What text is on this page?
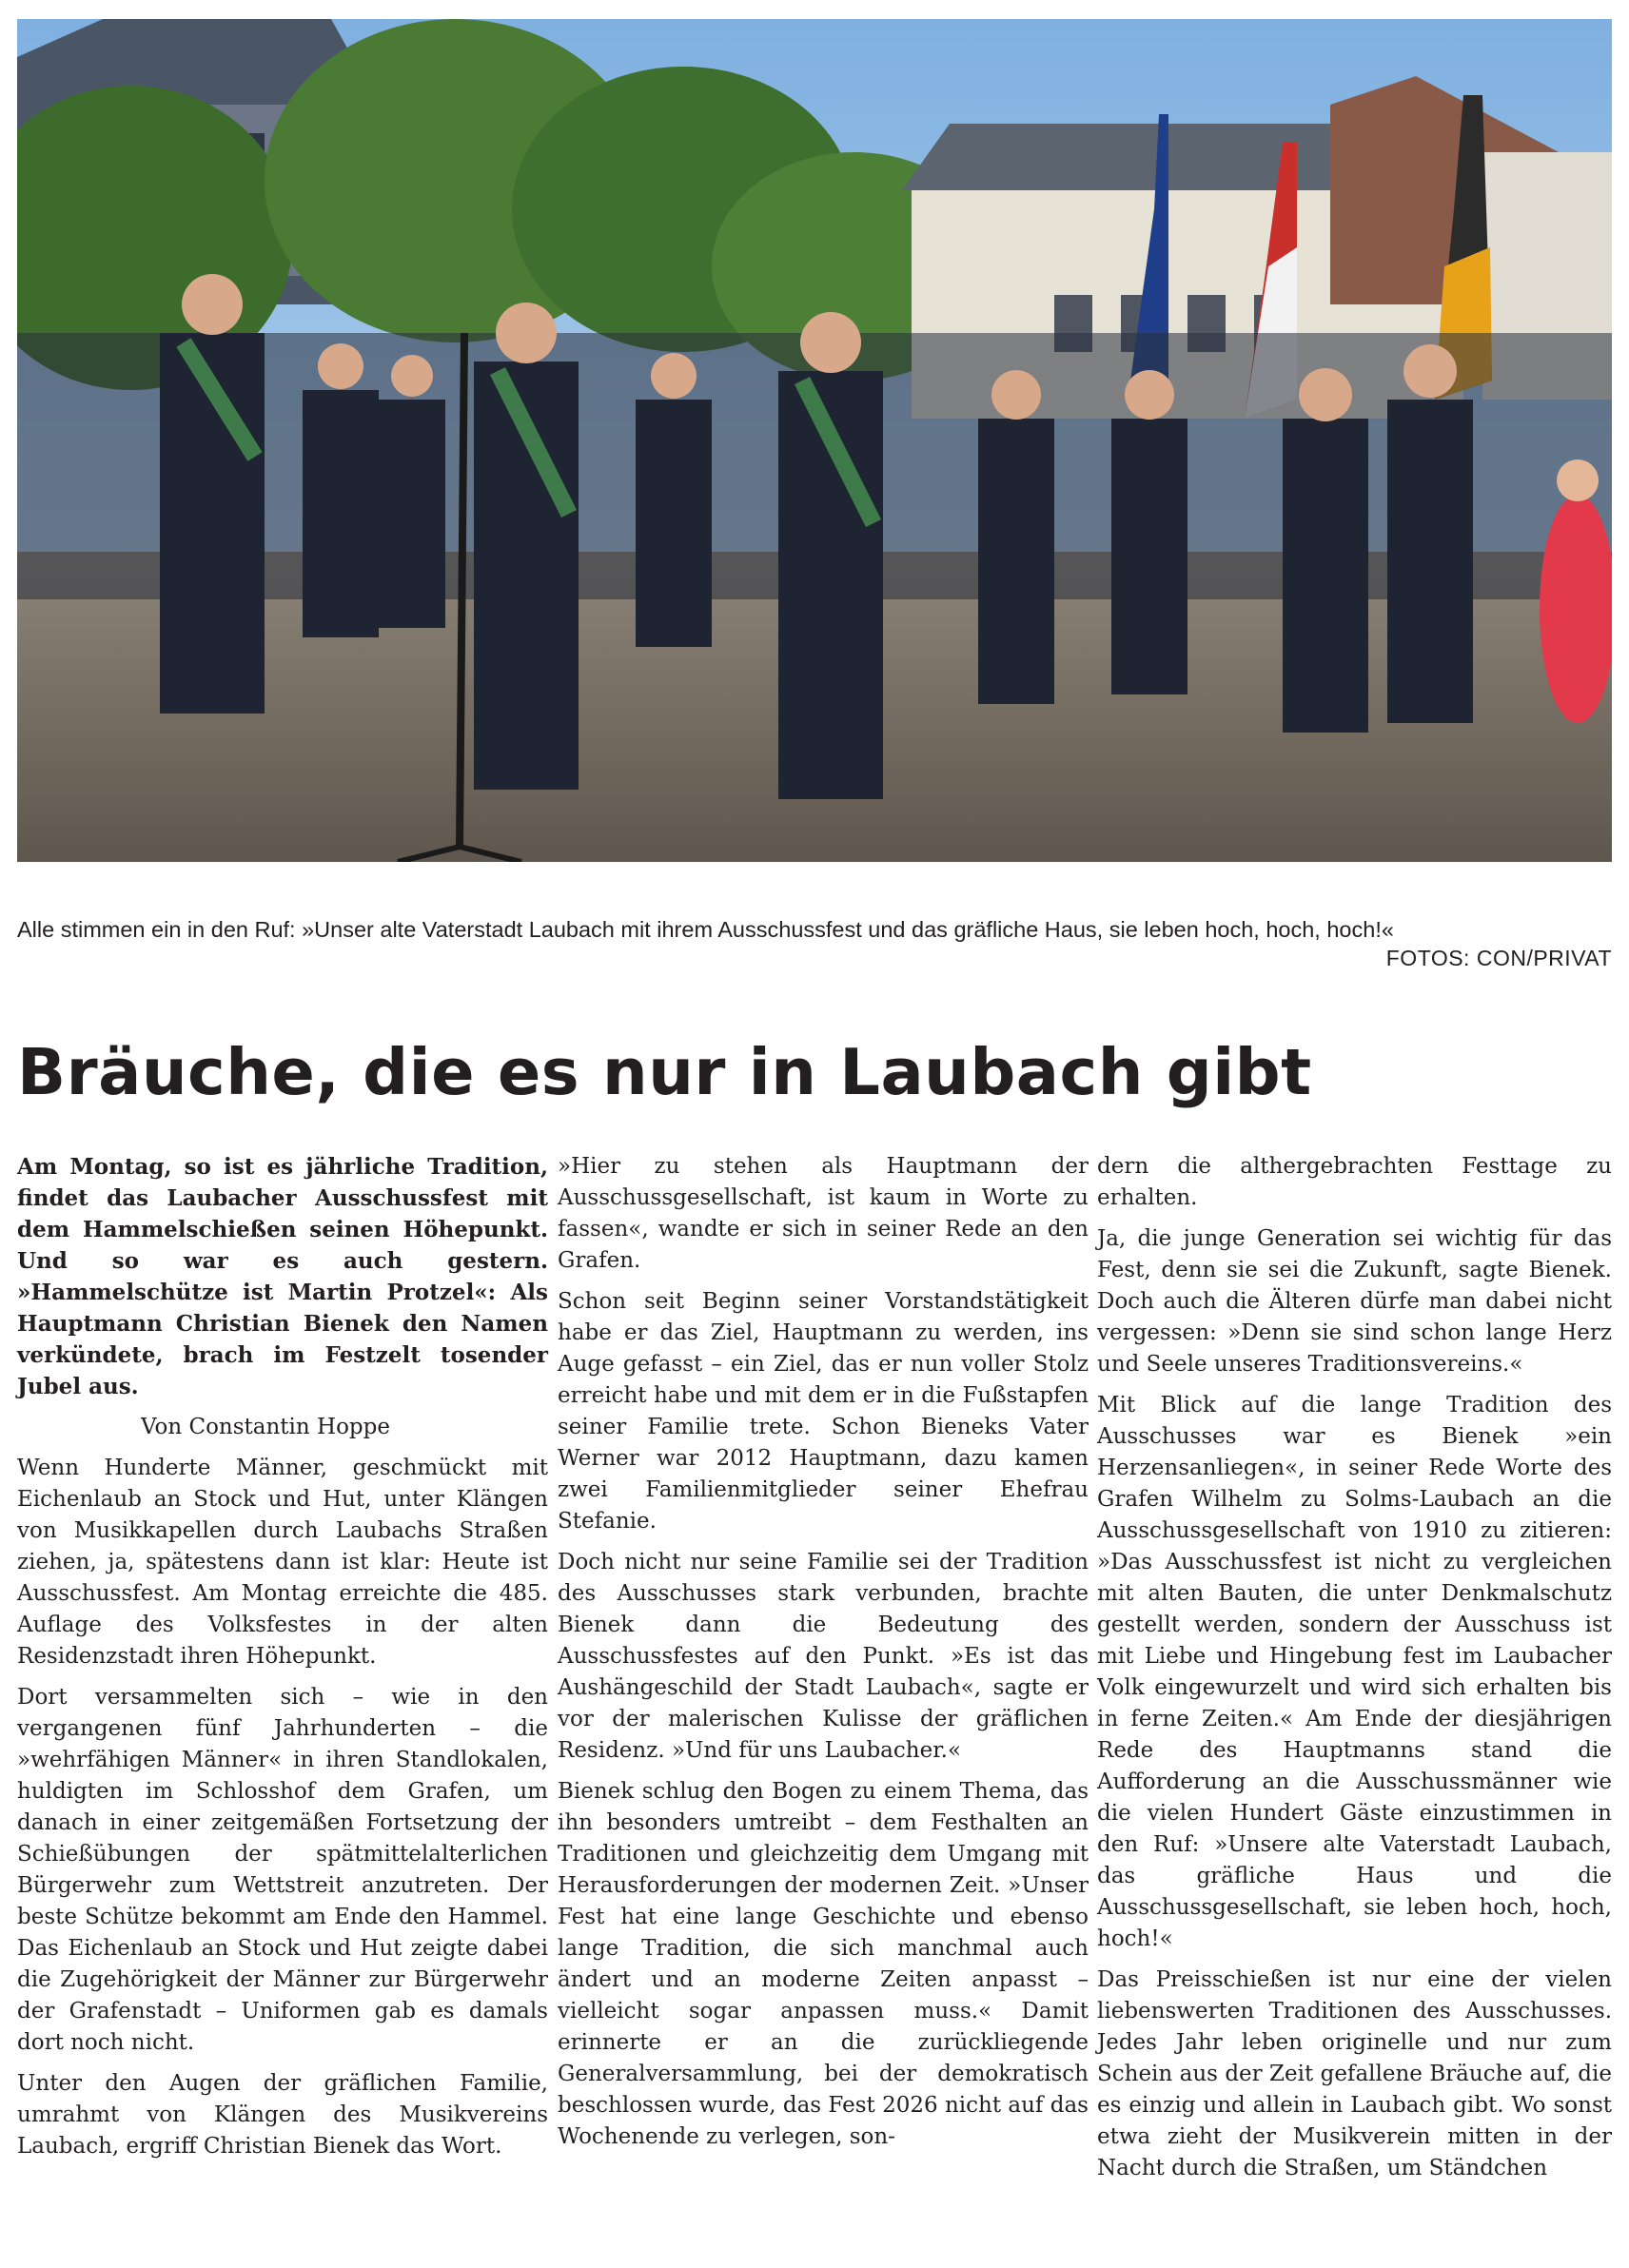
Alle stimmen ein in den Ruf: »Unser alte Vaterstadt Laubach mit ihrem Ausschussfest und das gräfliche Haus, sie leben hoch, hoch, hoch!«
FOTOS: CON/PRIVAT
Bräuche, die es nur in Laubach gibt

Am Montag, so ist es jährliche Tradition, findet das Laubacher Ausschussfest mit dem Hammelschießen seinen Höhepunkt. Und so war es auch gestern. »Hammelschütze ist Martin Protzel«: Als Hauptmann Christian Bienek den Namen verkündete, brach im Festzelt tosender Jubel aus.

Von Constantin Hoppe

Wenn Hunderte Männer, geschmückt mit Eichenlaub an Stock und Hut, unter Klängen von Musikkapellen durch Laubachs Straßen ziehen, ja, spätestens dann ist klar: Heute ist Ausschussfest. Am Montag erreichte die 485. Auflage des Volksfestes in der alten Residenzstadt ihren Höhepunkt.

Dort versammelten sich – wie in den vergangenen fünf Jahrhunderten – die »wehrfähigen Männer« in ihren Standlokalen, huldigten im Schlosshof dem Grafen, um danach in einer zeitgemäßen Fortsetzung der Schießübungen der spätmittelalterlichen Bürgerwehr zum Wettstreit anzutreten. Der beste Schütze bekommt am Ende den Hammel. Das Eichenlaub an Stock und Hut zeigte dabei die Zugehörigkeit der Männer zur Bürgerwehr der Grafenstadt – Uniformen gab es damals dort noch nicht.

Unter den Augen der gräflichen Familie, umrahmt von Klängen des Musikvereins Laubach, ergriff Christian Bienek das Wort.

»Hier zu stehen als Hauptmann der Ausschussgesellschaft, ist kaum in Worte zu fassen«, wandte er sich in seiner Rede an den Grafen.

Schon seit Beginn seiner Vorstandstätigkeit habe er das Ziel, Hauptmann zu werden, ins Auge gefasst – ein Ziel, das er nun voller Stolz erreicht habe und mit dem er in die Fußstapfen seiner Familie trete. Schon Bieneks Vater Werner war 2012 Hauptmann, dazu kamen zwei Familienmitglieder seiner Ehefrau Stefanie.

Doch nicht nur seine Familie sei der Tradition des Ausschusses stark verbunden, brachte Bienek dann die Bedeutung des Ausschussfestes auf den Punkt. »Es ist das Aushängeschild der Stadt Laubach«, sagte er vor der malerischen Kulisse der gräflichen Residenz. »Und für uns Laubacher.«

Bienek schlug den Bogen zu einem Thema, das ihn besonders umtreibt – dem Festhalten an Traditionen und gleichzeitig dem Umgang mit Herausforderungen der modernen Zeit. »Unser Fest hat eine lange Geschichte und ebenso lange Tradition, die sich manchmal auch ändert und an moderne Zeiten anpasst – vielleicht sogar anpassen muss.« Damit erinnerte er an die zurückliegende Generalversammlung, bei der demokratisch beschlossen wurde, das Fest 2026 nicht auf das Wochenende zu verlegen, son-

dern die althergebrachten Festtage zu erhalten.

Ja, die junge Generation sei wichtig für das Fest, denn sie sei die Zukunft, sagte Bienek. Doch auch die Älteren dürfe man dabei nicht vergessen: »Denn sie sind schon lange Herz und Seele unseres Traditionsvereins.«

Mit Blick auf die lange Tradition des Ausschusses war es Bienek »ein Herzensanliegen«, in seiner Rede Worte des Grafen Wilhelm zu Solms-Laubach an die Ausschussgesellschaft von 1910 zu zitieren: »Das Ausschussfest ist nicht zu vergleichen mit alten Bauten, die unter Denkmalschutz gestellt werden, sondern der Ausschuss ist mit Liebe und Hingebung fest im Laubacher Volk eingewurzelt und wird sich erhalten bis in ferne Zeiten.« Am Ende der diesjährigen Rede des Hauptmanns stand die Aufforderung an die Ausschussmänner wie die vielen Hundert Gäste einzustimmen in den Ruf: »Unsere alte Vaterstadt Laubach, das gräfliche Haus und die Ausschussgesellschaft, sie leben hoch, hoch, hoch!«

Das Preisschießen ist nur eine der vielen liebenswerten Traditionen des Ausschusses. Jedes Jahr leben originelle und nur zum Schein aus der Zeit gefallene Bräuche auf, die es einzig und allein in Laubach gibt. Wo sonst etwa zieht der Musikverein mitten in der Nacht durch die Straßen, um Ständchen
